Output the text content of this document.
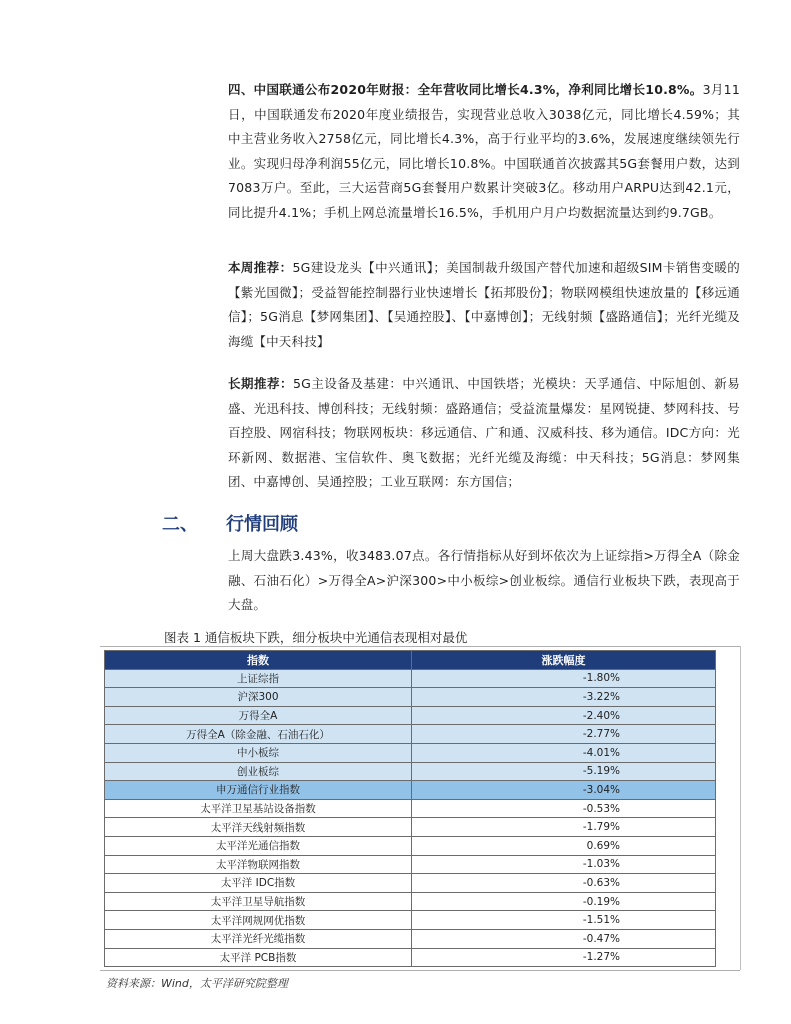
四、中国联通公布2020年财报：全年营收同比增长4.3%，净利同比增长10.8%。3月11日，中国联通发布2020年度业绩报告，实现营业总收入3038亿元，同比增长4.59%；其中主营业务收入2758亿元，同比增长4.3%，高于行业平均的3.6%，发展速度继续领先行业。实现归母净利润55亿元，同比增长10.8%。中国联通首次披露其5G套餐用户数，达到7083万户。至此，三大运营商5G套餐用户数累计突破3亿。移动用户ARPU达到42.1元，同比提升4.1%；手机上网总流量增长16.5%，手机用户月户均数据流量达到约9.7GB。
本周推荐：5G建设龙头【中兴通讯】；美国制裁升级国产替代加速和超级SIM卡销售变暖的【紫光国微】；受益智能控制器行业快速增长【拓邦股份】；物联网模组快速放量的【移远通信】；5G消息【梦网集团】、【吴通控股】、【中嘉博创】；无线射频【盛路通信】；光纤光缆及海缆【中天科技】
长期推荐：5G主设备及基建：中兴通讯、中国铁塔；光模块：天孚通信、中际旭创、新易盛、光迅科技、博创科技；无线射频：盛路通信；受益流量爆发：星网锐捷、梦网科技、号百控股、网宿科技；物联网板块：移远通信、广和通、汉威科技、移为通信。IDC方向：光环新网、数据港、宝信软件、奥飞数据；光纤光缆及海缆：中天科技；5G消息：梦网集团、中嘉博创、吴通控股；工业互联网：东方国信；
二、 行情回顾
上周大盘跌3.43%，收3483.07点。各行情指标从好到坏依次为上证综指>万得全A（除金融、石油石化）>万得全A>沪深300>中小板综>创业板综。通信行业板块下跌，表现高于大盘。
图表 1 通信板块下跌，细分板块中光通信表现相对最优
指数	涨跌幅度
上证综指	-1.80%
沪深300	-3.22%
万得全A	-2.40%
万得全A（除金融、石油石化）	-2.77%
中小板综	-4.01%
创业板综	-5.19%
申万通信行业指数	-3.04%
太平洋卫星基站设备指数	-0.53%
太平洋天线射频指数	-1.79%
太平洋光通信指数	0.69%
太平洋物联网指数	-1.03%
太平洋 IDC指数	-0.63%
太平洋卫星导航指数	-0.19%
太平洋网规网优指数	-1.51%
太平洋光纤光缆指数	-0.47%
太平洋 PCB指数	-1.27%
资料来源：Wind，太平洋研究院整理
